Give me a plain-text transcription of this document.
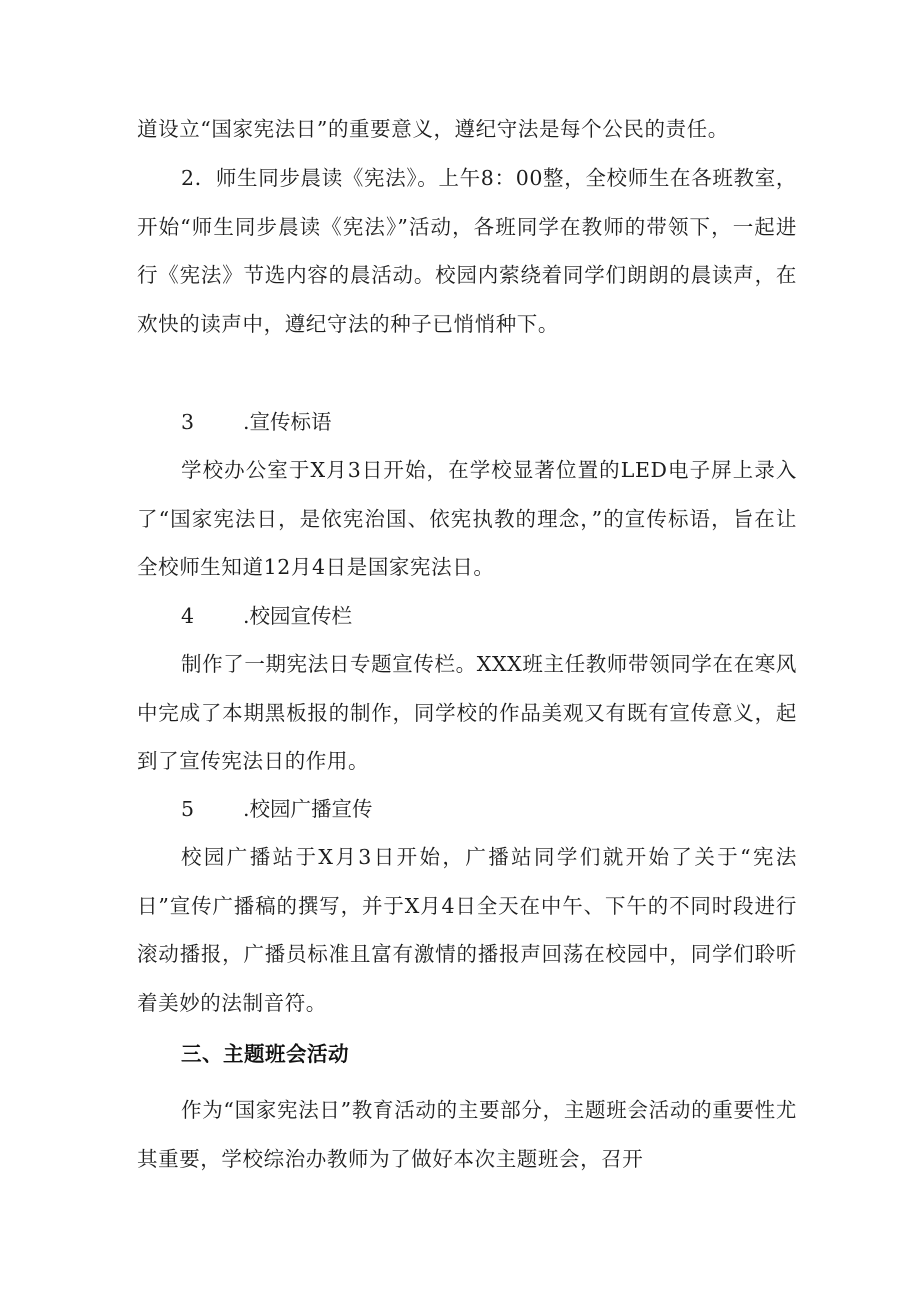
道设立“国家宪法日”的重要意义，遵纪守法是每个公民的责任。

2．师生同步晨读《宪法》。上午8：00整，全校师生在各班教室，开始“师生同步晨读《宪法》”活动，各班同学在教师的带领下，一起进行《宪法》节选内容的晨活动。校园内萦绕着同学们朗朗的晨读声，在欢快的读声中，遵纪守法的种子已悄悄种下。

3 .宣传标语

学校办公室于X月3日开始，在学校显著位置的LED电子屏上录入了“国家宪法日，是依宪治国、依宪执教的理念，”的宣传标语，旨在让全校师生知道12月4日是国家宪法日。

4 .校园宣传栏

制作了一期宪法日专题宣传栏。XXX班主任教师带领同学在在寒风中完成了本期黑板报的制作，同学校的作品美观又有既有宣传意义，起到了宣传宪法日的作用。

5 .校园广播宣传

校园广播站于X月3日开始，广播站同学们就开始了关于“宪法日”宣传广播稿的撰写，并于X月4日全天在中午、下午的不同时段进行滚动播报，广播员标准且富有激情的播报声回荡在校园中，同学们聆听着美妙的法制音符。

三、主题班会活动

作为“国家宪法日”教育活动的主要部分，主题班会活动的重要性尤其重要，学校综治办教师为了做好本次主题班会，召开
